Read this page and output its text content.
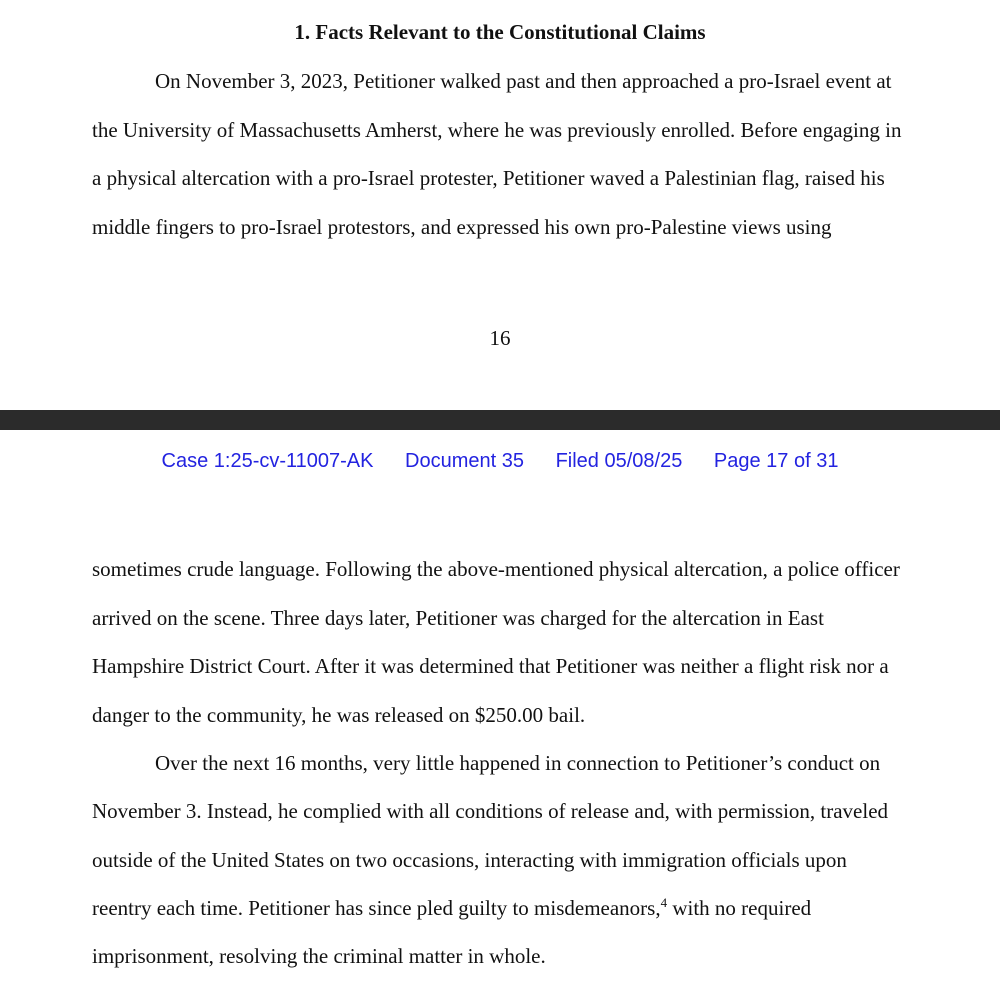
1. Facts Relevant to the Constitutional Claims
On November 3, 2023, Petitioner walked past and then approached a pro-Israel event at
the University of Massachusetts Amherst, where he was previously enrolled. Before engaging in
a physical altercation with a pro-Israel protester, Petitioner waved a Palestinian flag, raised his
middle fingers to pro-Israel protestors, and expressed his own pro-Palestine views using
16
Case 1:25-cv-11007-AK Document 35 Filed 05/08/25 Page 17 of 31
sometimes crude language. Following the above-mentioned physical altercation, a police officer
arrived on the scene. Three days later, Petitioner was charged for the altercation in East
Hampshire District Court. After it was determined that Petitioner was neither a flight risk nor a
danger to the community, he was released on $250.00 bail.
Over the next 16 months, very little happened in connection to Petitioner’s conduct on
November 3. Instead, he complied with all conditions of release and, with permission, traveled
outside of the United States on two occasions, interacting with immigration officials upon
reentry each time. Petitioner has since pled guilty to misdemeanors,$^4$ with no required
imprisonment, resolving the criminal matter in whole.
